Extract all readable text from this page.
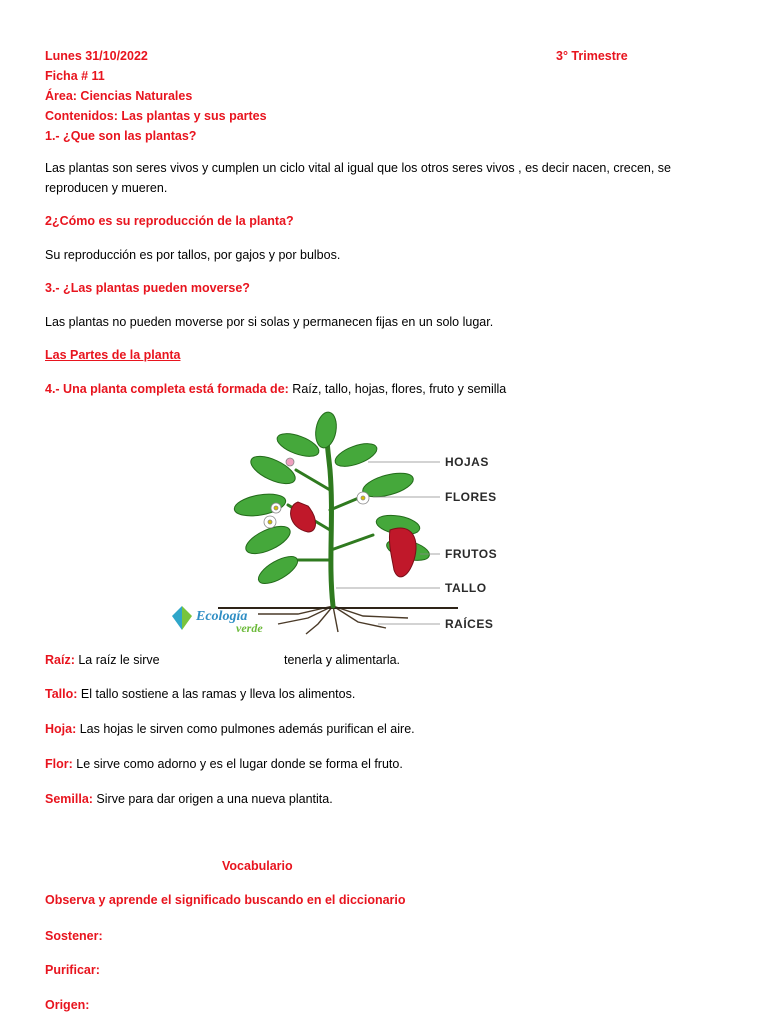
Lunes 31/10/2022	3° Trimestre
Ficha # 11
Área: Ciencias Naturales
Contenidos: Las plantas y sus partes
1.- ¿Que son las plantas?
Las plantas son seres vivos y cumplen un ciclo vital al igual que los otros seres vivos , es decir nacen, crecen, se reproducen y mueren.
2¿Cómo es su reproducción de la planta?
Su reproducción es por tallos, por gajos y por bulbos.
3.- ¿Las plantas pueden moverse?
Las plantas no pueden moverse por si solas y permanecen fijas en un solo lugar.
Las Partes de la planta
4.- Una planta completa está formada de: Raíz, tallo, hojas, flores, fruto y semilla
HOJAS
FLORES
FRUTOS
TALLO
RAÍCES
Ecología
verde
Raíz: La raíz le sirve	tenerla y alimentarla.
Tallo: El tallo sostiene a las ramas y lleva los alimentos.
Hoja: Las hojas le sirven como pulmones además purifican el aire.
Flor: Le sirve como adorno y es el lugar donde se forma el fruto.
Semilla: Sirve para dar origen a una nueva plantita.
Vocabulario
Observa y aprende el significado buscando en el diccionario
Sostener:
Purificar:
Origen:
